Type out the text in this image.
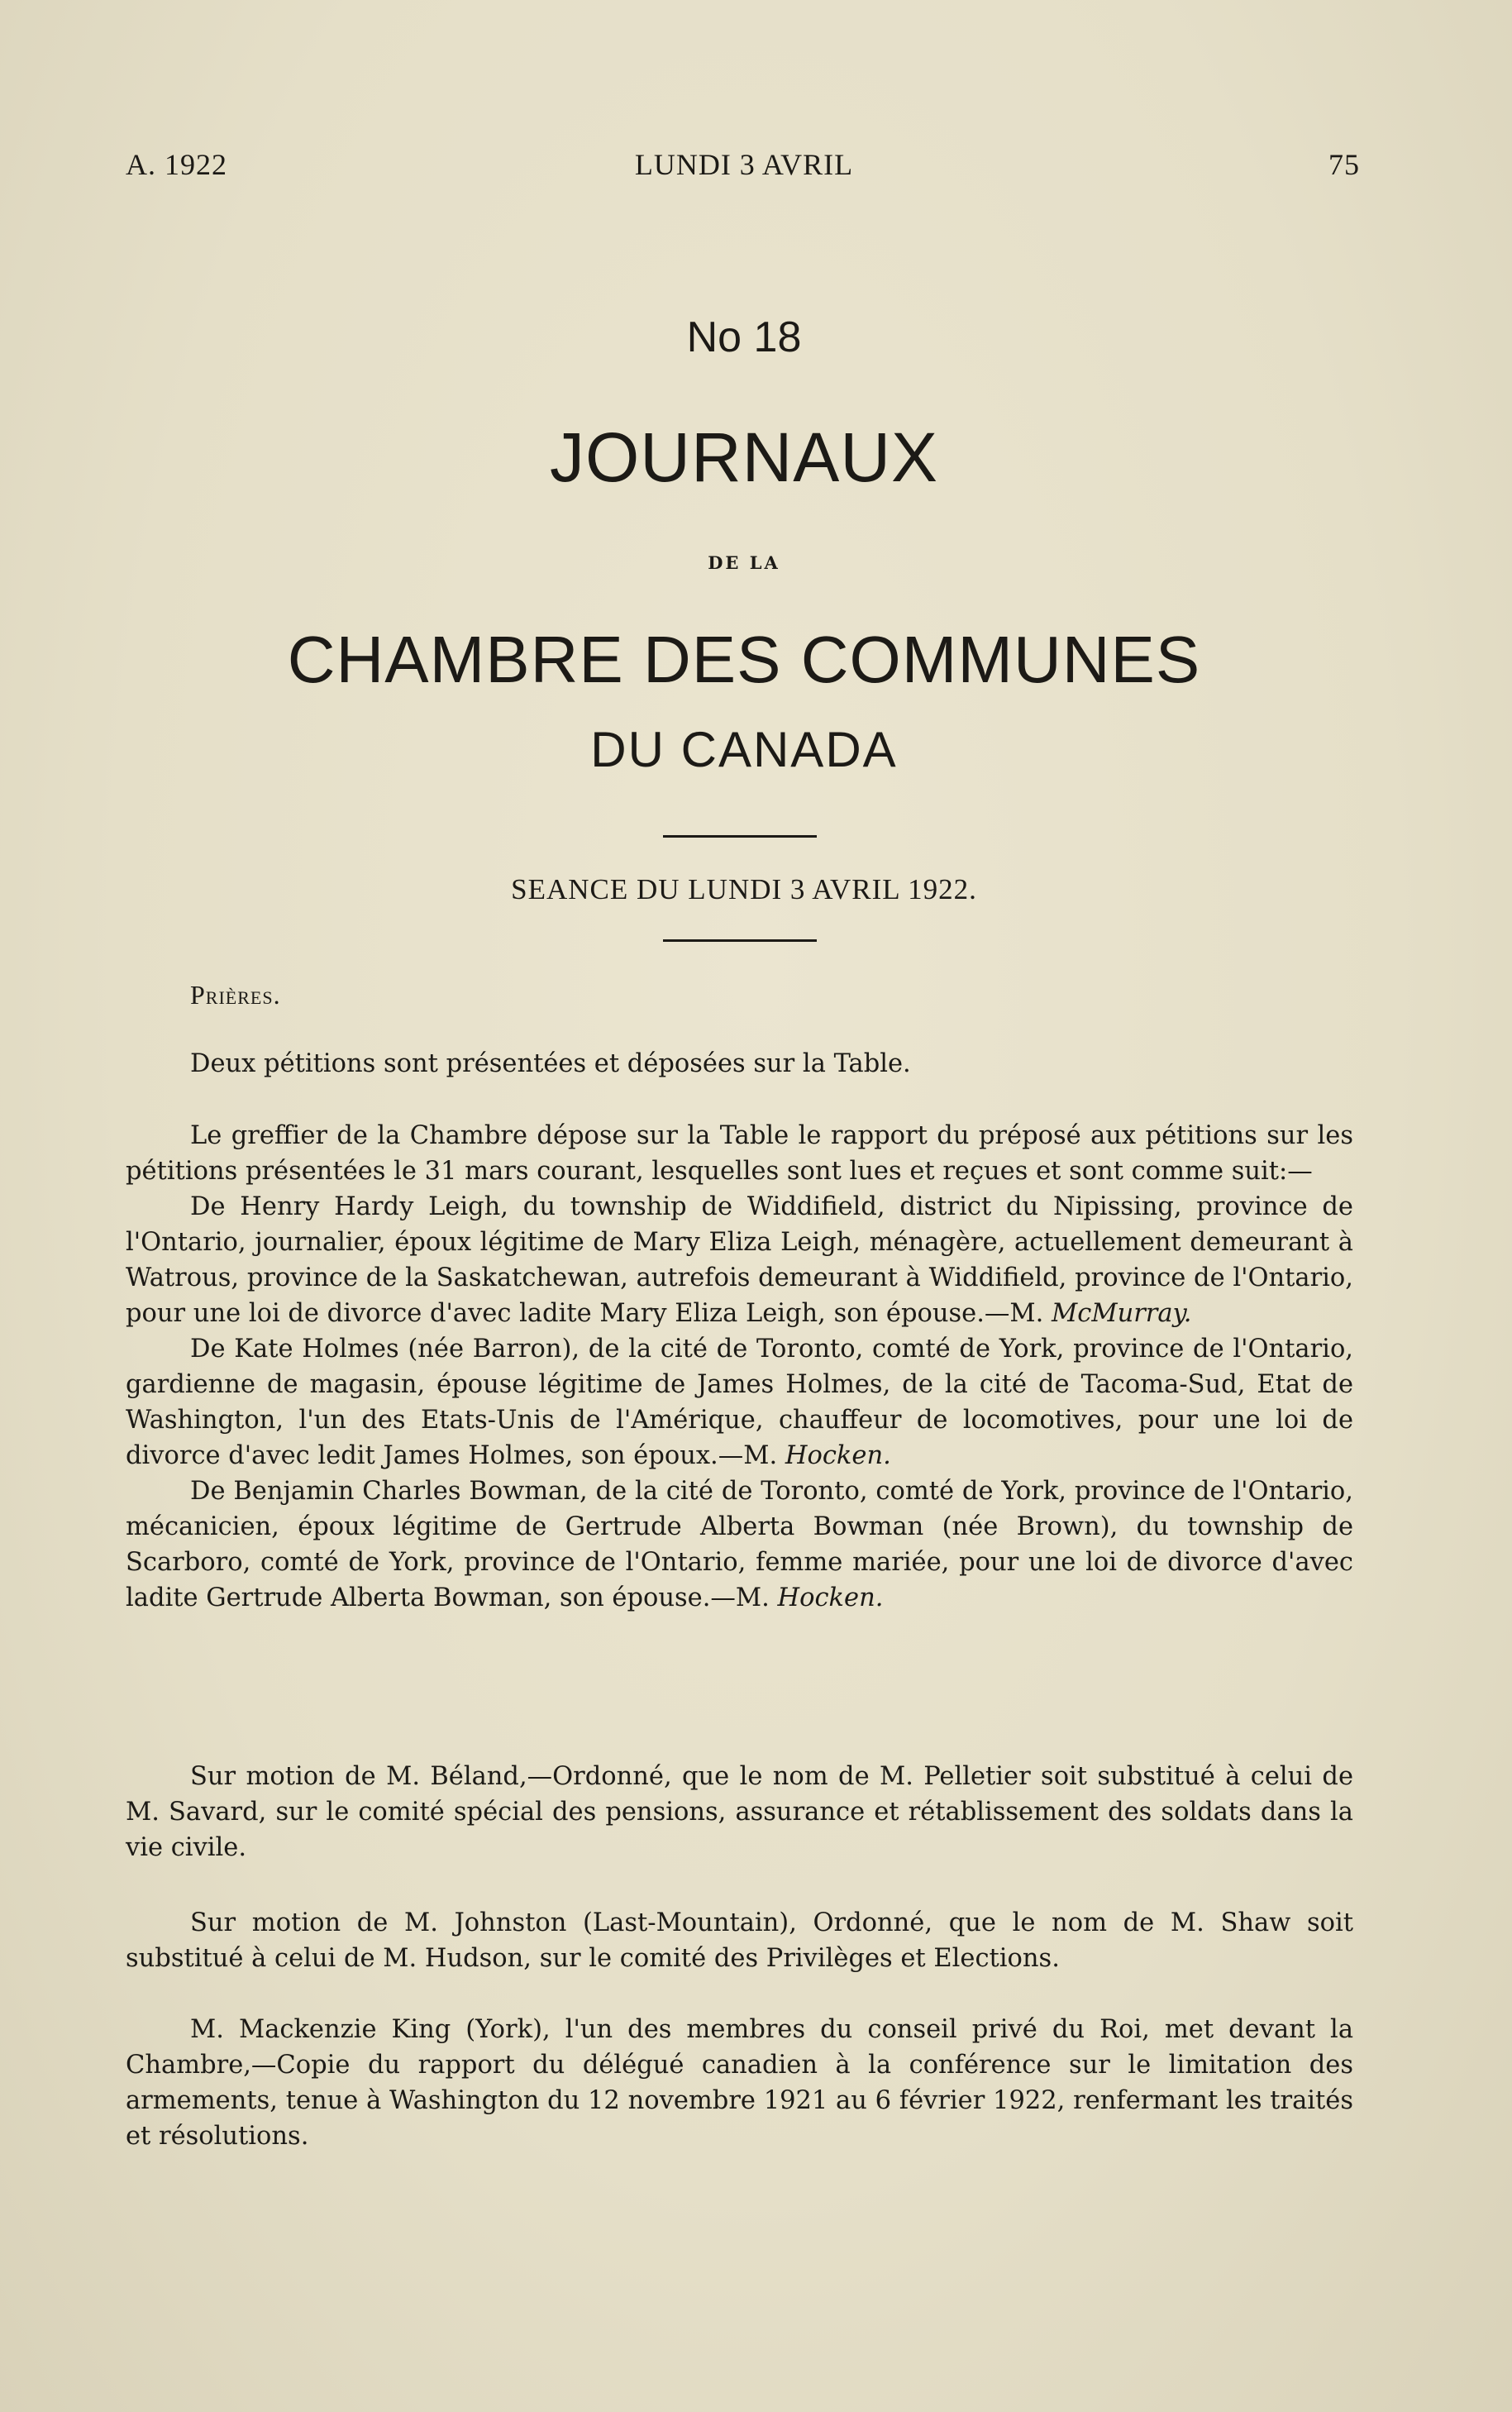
A. 1922	LUNDI 3 AVRIL	75
No 18
JOURNAUX
DE LA
CHAMBRE DES COMMUNES
DU CANADA
SEANCE DU LUNDI 3 AVRIL 1922.
Prières.

Deux pétitions sont présentées et déposées sur la Table.

Le greffier de la Chambre dépose sur la Table le rapport du préposé aux pétitions sur les pétitions présentées le 31 mars courant, lesquelles sont lues et reçues et sont comme suit:—

De Henry Hardy Leigh, du township de Widdifield, district du Nipissing, province de l'Ontario, journalier, époux légitime de Mary Eliza Leigh, ménagère, actuellement demeurant à Watrous, province de la Saskatchewan, autrefois demeurant à Widdifield, province de l'Ontario, pour une loi de divorce d'avec ladite Mary Eliza Leigh, son épouse.—M. McMurray.

De Kate Holmes (née Barron), de la cité de Toronto, comté de York, province de l'Ontario, gardienne de magasin, épouse légitime de James Holmes, de la cité de Tacoma-Sud, Etat de Washington, l'un des Etats-Unis de l'Amérique, chauffeur de locomotives, pour une loi de divorce d'avec ledit James Holmes, son époux.—M. Hocken.

De Benjamin Charles Bowman, de la cité de Toronto, comté de York, province de l'Ontario, mécanicien, époux légitime de Gertrude Alberta Bowman (née Brown), du township de Scarboro, comté de York, province de l'Ontario, femme mariée, pour une loi de divorce d'avec ladite Gertrude Alberta Bowman, son épouse.—M. Hocken.

Sur motion de M. Béland,—Ordonné, que le nom de M. Pelletier soit substitué à celui de M. Savard, sur le comité spécial des pensions, assurance et rétablissement des soldats dans la vie civile.

Sur motion de M. Johnston (Last-Mountain), Ordonné, que le nom de M. Shaw soit substitué à celui de M. Hudson, sur le comité des Privilèges et Elections.

M. Mackenzie King (York), l'un des membres du conseil privé du Roi, met devant la Chambre,—Copie du rapport du délégué canadien à la conférence sur le limitation des armements, tenue à Washington du 12 novembre 1921 au 6 février 1922, renfermant les traités et résolutions.
